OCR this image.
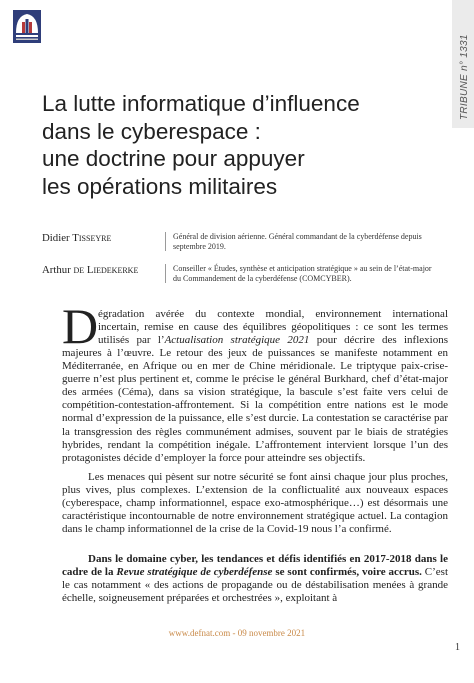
TRIBUNE n° 1331
La lutte informatique d’influence
dans le cyberespace :
une doctrine pour appuyer
les opérations militaires
Didier Tisseyre	Général de division aérienne. Général commandant de la cyberdéfense depuis septembre 2019.
Arthur de Liedekerke	Conseiller « Études, synthèse et anticipation stratégique » au sein de l’état-major du Commandement de la cyberdéfense (COMCYBER).
D égradation avérée du contexte mondial, environnement international

incertain, remise en cause des équilibres géopolitiques : ce sont les termes

utilisés par l’Actualisation stratégique 2021 pour décrire des inflexions

majeures à l’œuvre. Le retour des jeux de puissances se manifeste notamment en Méditerranée, en Afrique ou en mer de Chine méridionale. Le triptyque paix-crise-guerre n’est plus pertinent et, comme le précise le général Burkhard, chef d’état-major des armées (Céma), dans sa vision stratégique, la bascule s’est faite vers celui de compétition-contestation-affrontement. Si la compétition entre nations est le mode normal d’expression de la puissance, elle s’est durcie. La contestation se caractérise par la transgression des règles communément admises, souvent par le biais de stratégies hybrides, rendant la compétition inégale. L’affrontement intervient lorsque l’un des protagonistes décide d’employer la force pour atteindre ses objectifs.

Les menaces qui pèsent sur notre sécurité se font ainsi chaque jour plus proches, plus vives, plus complexes. L’extension de la conflictualité aux nouveaux espaces (cyberespace, champ informationnel, espace exo-atmosphérique…) est désormais une caractéristique incontournable de notre environnement stratégique actuel. La contagion dans le champ informationnel de la crise de la Covid-19 nous l’a confirmé.

Dans le domaine cyber, les tendances et défis identifiés en 2017-2018 dans le cadre de la Revue stratégique de cyberdéfense se sont confirmés, voire accrus. C’est le cas notamment « des actions de propagande ou de déstabilisation menées à grande échelle, soigneusement préparées et orchestrées », exploitant à

www.defnat.com - 09 novembre 2021
1
